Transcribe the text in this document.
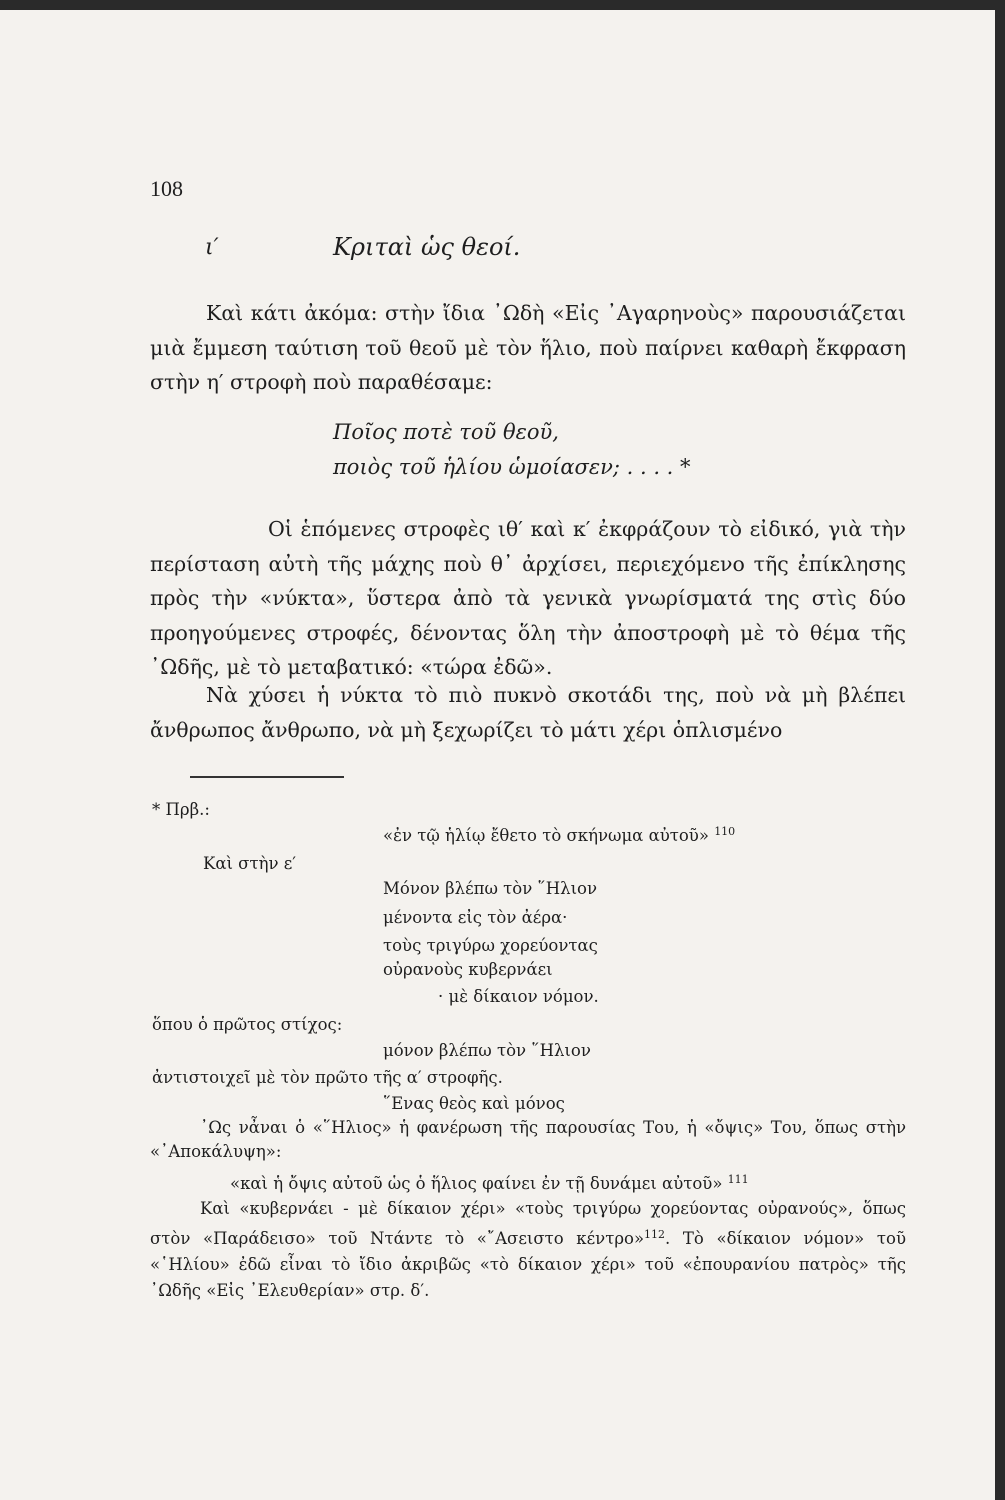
108
ι′	Κριταὶ ὡς θεοί.
Καὶ κάτι ἀκόμα: στὴν ἴδια ᾿Ωδὴ «Εἰς ᾿Αγαρηνοὺς» παρουσιάζεται μιὰ ἔμμεση ταύτιση τοῦ θεοῦ μὲ τὸν ἥλιο, ποὺ παίρνει καθαρὴ ἔκφραση στὴν η′ στροφὴ ποὺ παραθέσαμε:
Ποῖος ποτὲ τοῦ θεοῦ,
ποιὸς τοῦ ἡλίου ὡμοίασεν; . . . . *
Οἱ ἑπόμενες στροφὲς ιθ′ καὶ κ′ ἐκφράζουν τὸ εἰδικό, γιὰ τὴν περίσταση αὐτὴ τῆς μάχης ποὺ θ᾿ ἀρχίσει, περιεχόμενο τῆς ἐπίκλησης πρὸς τὴν «νύκτα», ὕστερα ἀπὸ τὰ γενικὰ γνωρίσματά της στὶς δύο προηγούμενες στροφές, δένοντας ὅλη τὴν ἀποστροφὴ μὲ τὸ θέμα τῆς ᾿Ωδῆς, μὲ τὸ μεταβατικό: «τώρα ἐδῶ».
Νὰ χύσει ἡ νύκτα τὸ πιὸ πυκνὸ σκοτάδι της, ποὺ νὰ μὴ βλέπει ἄνθρωπος ἄνθρωπο, νὰ μὴ ξεχωρίζει τὸ μάτι χέρι ὁπλισμένο
* Πρβ.:
«ἐν τῷ ἡλίῳ ἔθετο τὸ σκήνωμα αὐτοῦ» $^{110}$
Καὶ στὴν ε′
Μόνον βλέπω τὸν ῞Ηλιον
μένοντα εἰς τὸν ἀέρα·
τοὺς τριγύρω χορεύοντας
οὐρανοὺς κυβερνάει
· μὲ δίκαιον νόμον.
ὅπου ὁ πρῶτος στίχος:
μόνον βλέπω τὸν ῞Ηλιον
ἀντιστοιχεῖ μὲ τὸν πρῶτο τῆς α′ στροφῆς.
῞Ενας θεὸς καὶ μόνος
᾿Ως νἆναι ὁ «῞Ηλιος» ἡ φανέρωση τῆς παρουσίας Του, ἡ «ὄψις» Του, ὅπως στὴν «᾿Αποκάλυψη»:
«καὶ ἡ ὄψις αὐτοῦ ὡς ὁ ἥλιος φαίνει ἐν τῇ δυνάμει αὐτοῦ» $^{111}$
Καὶ «κυβερνάει - μὲ δίκαιον χέρι» «τοὺς τριγύρω χορεύοντας οὐρανούς», ὅπως στὸν «Παράδεισο» τοῦ Ντάντε τὸ «῎Ασειστο κέντρο»$^{112}$. Τὸ «δίκαιον νόμον» τοῦ «῾Ηλίου» ἐδῶ εἶναι τὸ ἴδιο ἀκριβῶς «τὸ δίκαιον χέρι» τοῦ «ἐπουρανίου πατρὸς» τῆς ᾿Ωδῆς «Εἰς ᾿Ελευθερίαν» στρ. δ′.
